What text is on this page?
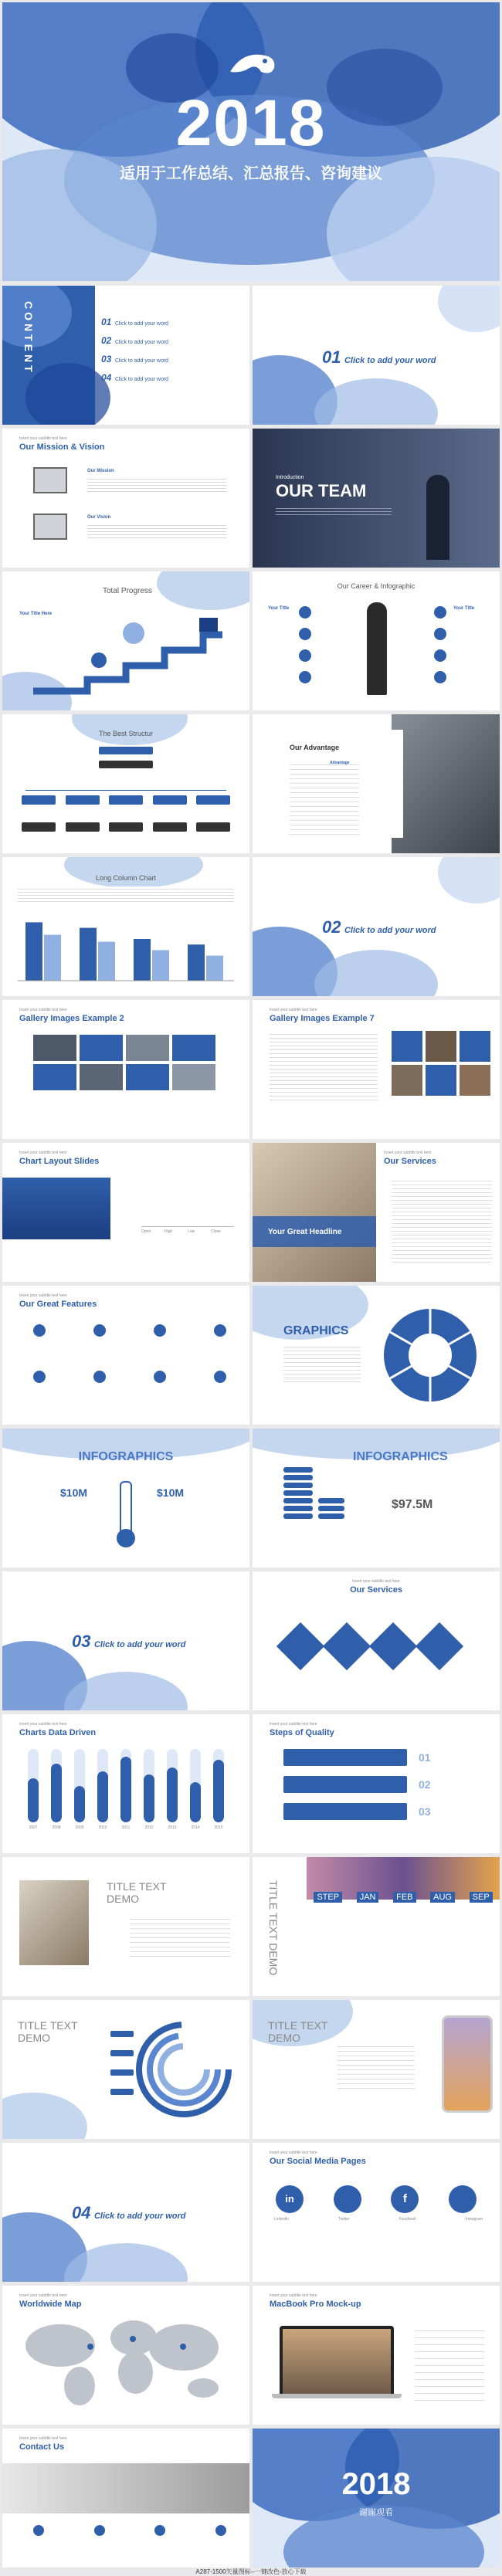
2018
适用于工作总结、汇总报告、咨询建议
CONTENT	01 Click to add your word
02 Click to add your word
03 Click to add your word
04 Click to add your word
01 Click to add your word
Insert your subtitle text here
Our Mission & Vision
Our Mission
Our Vision
Introduction
OUR TEAM
Total Progress
Your Title Here
Our Career & Infographic
Your Title	Your Title
The Best Structur
Our Advantage
Advantage
Long Column Chart
02 Click to add your word
Insert your subtitle text here
Gallery Images Example 2
Insert your subtitle text here
Gallery Images Example 7
Insert your subtitle text here
Chart Layout Slides
Open	High	Low	Close	Your Great Headline
Insert your subtitle text here
Our Services
Insert your subtitle text here
Our Great Features
GRAPHICS
INFOGRAPHICS
$10M	$10M
INFOGRAPHICS
$97.5M
03 Click to add your word
Insert your subtitle text here
Our Services
Insert your subtitle text here
Charts Data Driven
2007	2008	2009	2010	2011	2012	2013	2014	2015
Insert your subtitle text here
Steps of Quality
01
02
03
TITLE TEXT DEMO	TITLE TEXT DEMO	STEP	JAN	FEB	AUG	SEP
TITLE TEXT DEMO
TITLE TEXT DEMO
04 Click to add your word
Insert your subtitle text here
Our Social Media Pages
in	f
LinkedIn	Twitter	Facebook	Instagram
Insert your subtitle text here
Worldwide Map
Insert your subtitle text here
MacBook Pro Mock-up
Insert your subtitle text here
Contact Us
2018
谢谢观看
A287-1500矢量图标--一键改色-放心下载
